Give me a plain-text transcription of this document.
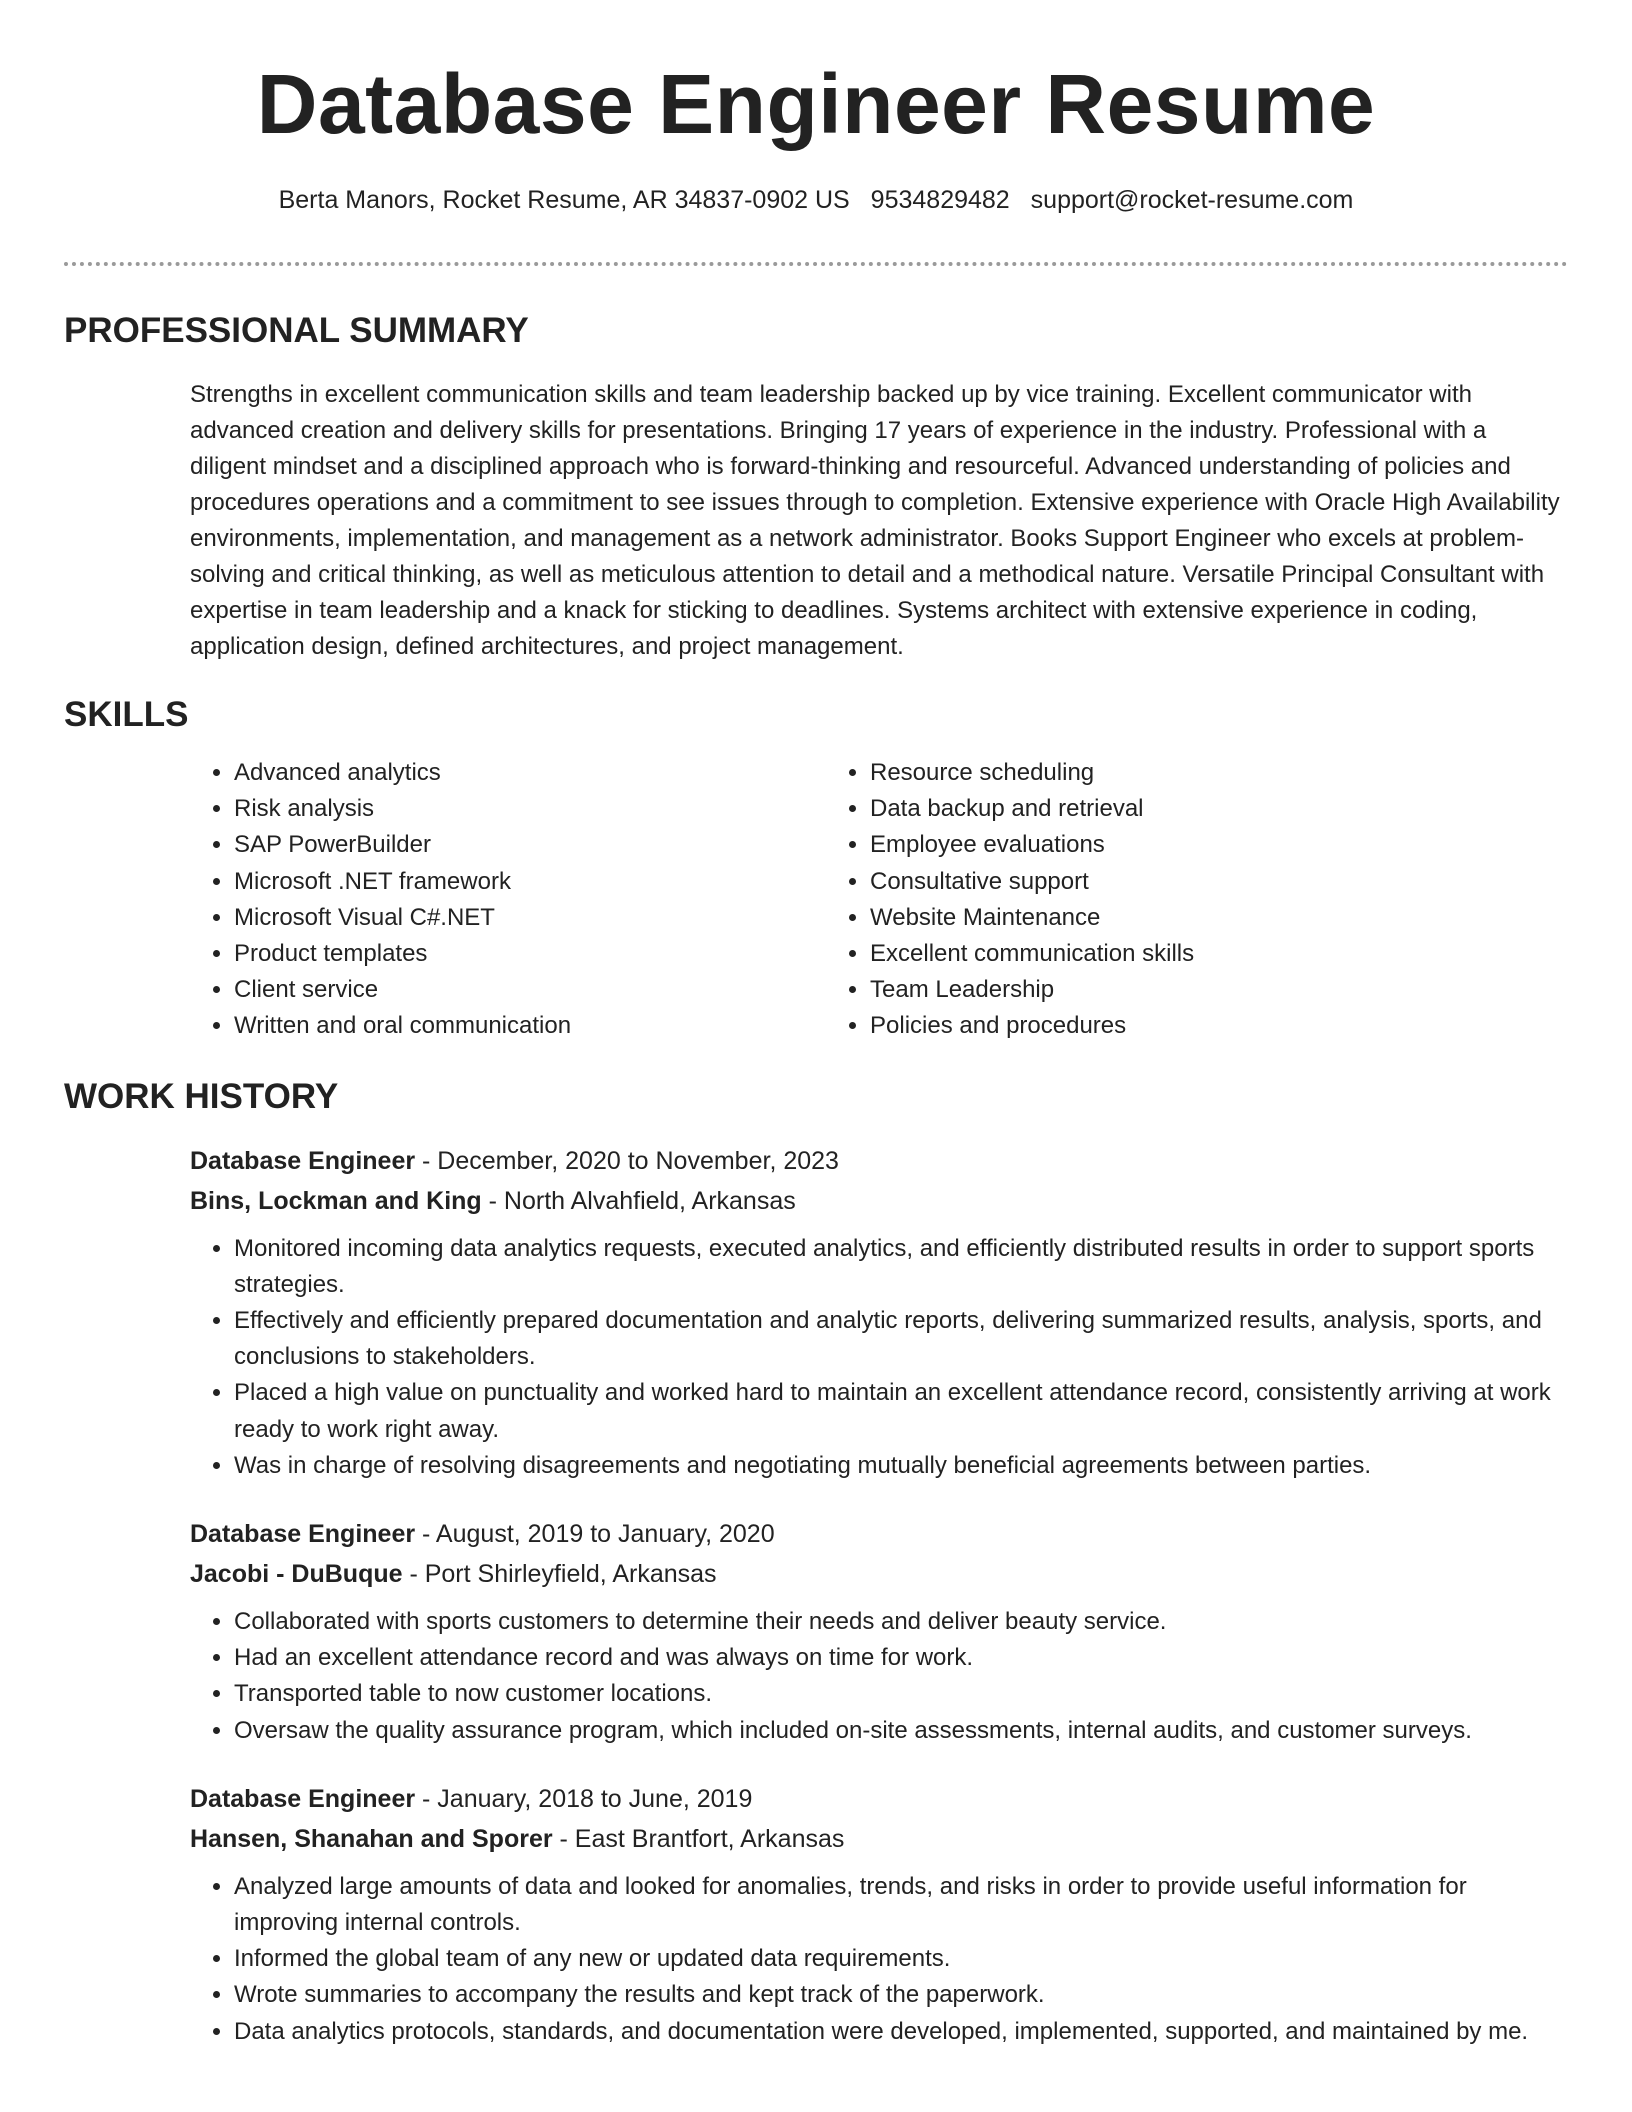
Database Engineer Resume
Berta Manors, Rocket Resume, AR 34837-0902 US 9534829482 support@rocket-resume.com
PROFESSIONAL SUMMARY

Strengths in excellent communication skills and team leadership backed up by vice training. Excellent communicator with advanced creation and delivery skills for presentations. Bringing 17 years of experience in the industry. Professional with a diligent mindset and a disciplined approach who is forward-thinking and resourceful. Advanced understanding of policies and procedures operations and a commitment to see issues through to completion. Extensive experience with Oracle High Availability environments, implementation, and management as a network administrator. Books Support Engineer who excels at problem-solving and critical thinking, as well as meticulous attention to detail and a methodical nature. Versatile Principal Consultant with expertise in team leadership and a knack for sticking to deadlines. Systems architect with extensive experience in coding, application design, defined architectures, and project management.

SKILLS
• Advanced analytics
• Risk analysis
• SAP PowerBuilder
• Microsoft .NET framework
• Microsoft Visual C#.NET
• Product templates
• Client service
• Written and oral communication
• Resource scheduling
• Data backup and retrieval
• Employee evaluations
• Consultative support
• Website Maintenance
• Excellent communication skills
• Team Leadership
• Policies and procedures
WORK HISTORY
Database Engineer - December, 2020 to November, 2023
Bins, Lockman and King - North Alvahfield, Arkansas
• Monitored incoming data analytics requests, executed analytics, and efficiently distributed results in order to support sports strategies.
• Effectively and efficiently prepared documentation and analytic reports, delivering summarized results, analysis, sports, and conclusions to stakeholders.
• Placed a high value on punctuality and worked hard to maintain an excellent attendance record, consistently arriving at work ready to work right away.
• Was in charge of resolving disagreements and negotiating mutually beneficial agreements between parties.
Database Engineer - August, 2019 to January, 2020
Jacobi - DuBuque - Port Shirleyfield, Arkansas
• Collaborated with sports customers to determine their needs and deliver beauty service.
• Had an excellent attendance record and was always on time for work.
• Transported table to now customer locations.
• Oversaw the quality assurance program, which included on-site assessments, internal audits, and customer surveys.
Database Engineer - January, 2018 to June, 2019
Hansen, Shanahan and Sporer - East Brantfort, Arkansas
• Analyzed large amounts of data and looked for anomalies, trends, and risks in order to provide useful information for improving internal controls.
• Informed the global team of any new or updated data requirements.
• Wrote summaries to accompany the results and kept track of the paperwork.
• Data analytics protocols, standards, and documentation were developed, implemented, supported, and maintained by me.
